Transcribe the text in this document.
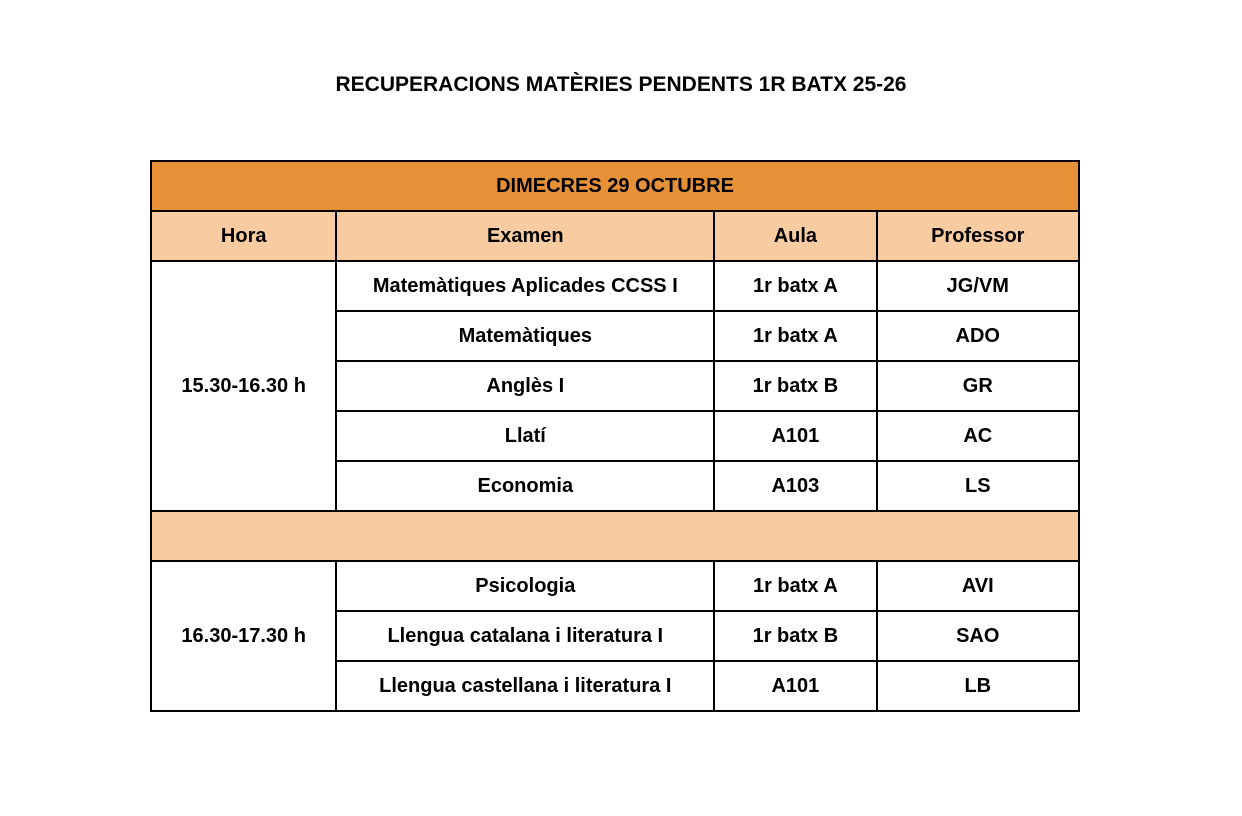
RECUPERACIONS MATÈRIES PENDENTS 1R BATX 25-26
DIMECRES 29 OCTUBRE			
Hora	Examen	Aula	Professor
15.30-16.30 h	Matemàtiques Aplicades CCSS I	1r batx A	JG/VM
	Matemàtiques	1r batx A	ADO
	Anglès I	1r batx B	GR
	Llatí	A101	AC
	Economia	A103	LS

16.30-17.30 h	Psicologia	1r batx A	AVI
	Llengua catalana i literatura I	1r batx B	SAO
	Llengua castellana i literatura I	A101	LB
